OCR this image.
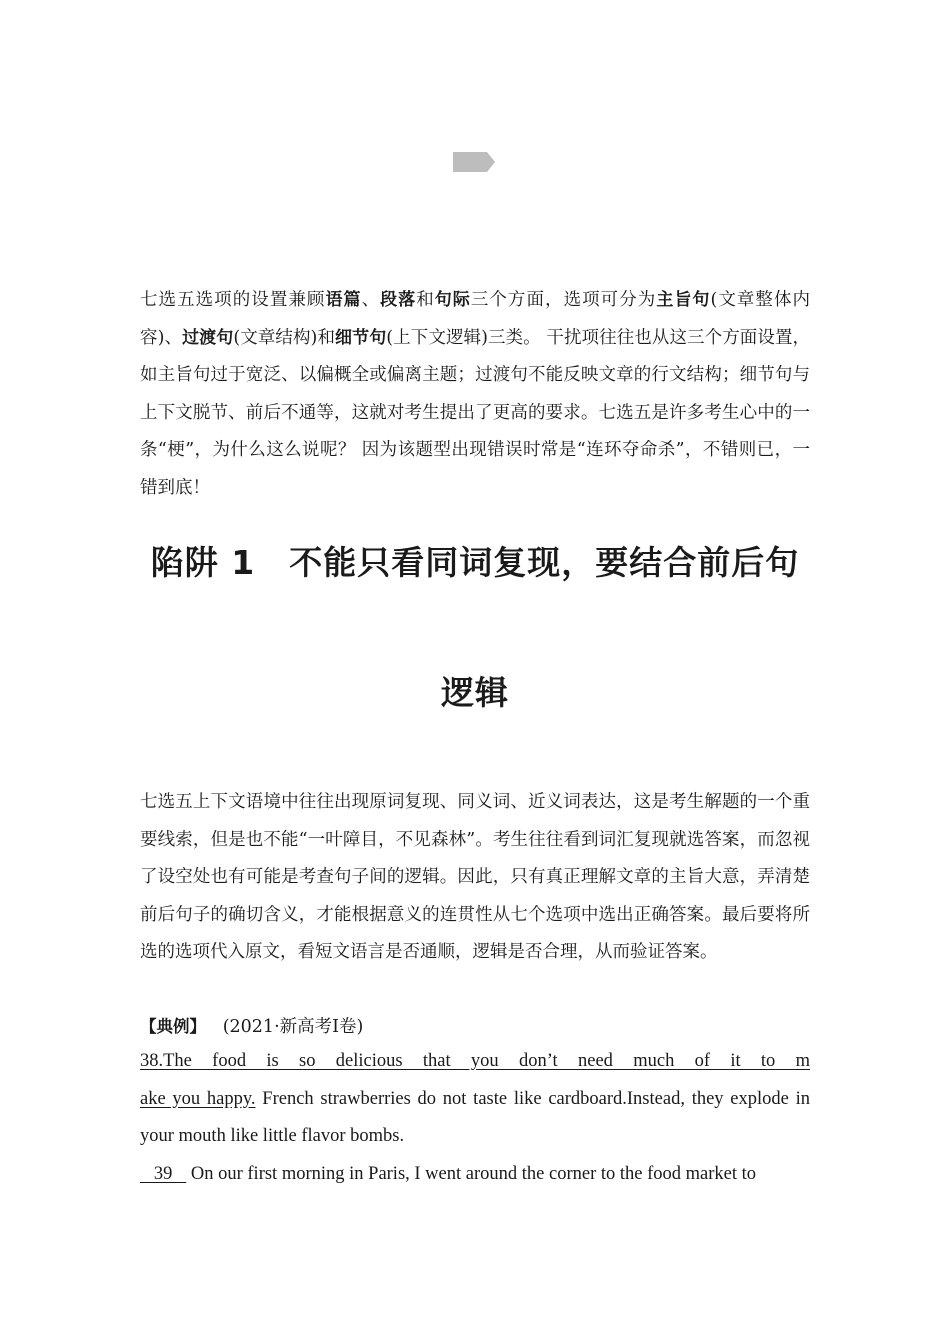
七选五选项的设置兼顾语篇、段落和句际三个方面，选项可分为主旨句(文章整体内容)、过渡句(文章结构)和细节句(上下文逻辑)三类。 干扰项往往也从这三个方面设置，如主旨句过于宽泛、以偏概全或偏离主题；过渡句不能反映文章的行文结构；细节句与上下文脱节、前后不通等，这就对考生提出了更高的要求。七选五是许多考生心中的一条“梗”，为什么这么说呢？ 因为该题型出现错误时常是“连环夺命杀”，不错则已，一错到底！
陷阱 1　不能只看同词复现，要结合前后句
逻辑
七选五上下文语境中往往出现原词复现、同义词、近义词表达，这是考生解题的一个重要线索，但是也不能“一叶障目，不见森林”。考生往往看到词汇复现就选答案，而忽视了设空处也有可能是考查句子间的逻辑。因此，只有真正理解文章的主旨大意，弄清楚前后句子的确切含义，才能根据意义的连贯性从七个选项中选出正确答案。最后要将所选的选项代入原文，看短文语言是否通顺，逻辑是否合理，从而验证答案。
【典例】 (2021·新高考Ⅰ卷)
38.The food is so delicious that you don’t need much of it to m
ake you happy. French strawberries do not taste like cardboard.Instead, they explode in your mouth like little flavor bombs.
39    On our first morning in Paris, I went around the corner to the food market to
